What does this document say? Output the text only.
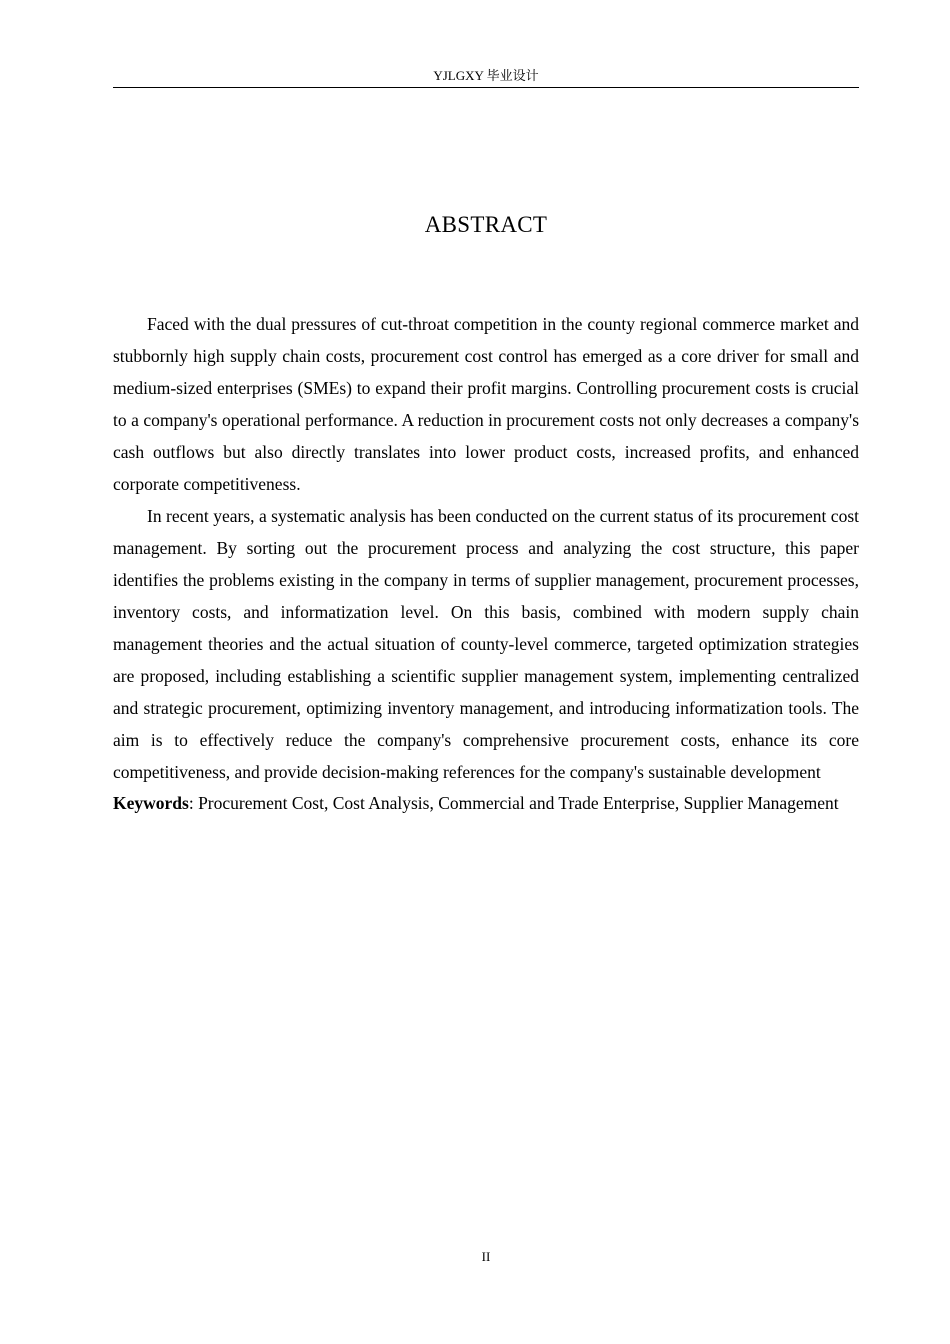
YJLGXY 毕业设计
ABSTRACT

Faced with the dual pressures of cut-throat competition in the county regional commerce market and stubbornly high supply chain costs, procurement cost control has emerged as a core driver for small and medium-sized enterprises (SMEs) to expand their profit margins. Controlling procurement costs is crucial to a company's operational performance. A reduction in procurement costs not only decreases a company's cash outflows but also directly translates into lower product costs, increased profits, and enhanced corporate competitiveness.

In recent years, a systematic analysis has been conducted on the current status of its procurement cost management. By sorting out the procurement process and analyzing the cost structure, this paper identifies the problems existing in the company in terms of supplier management, procurement processes, inventory costs, and informatization level. On this basis, combined with modern supply chain management theories and the actual situation of county-level commerce, targeted optimization strategies are proposed, including establishing a scientific supplier management system, implementing centralized and strategic procurement, optimizing inventory management, and introducing informatization tools. The aim is to effectively reduce the company's comprehensive procurement costs, enhance its core competitiveness, and provide decision-making references for the company's sustainable development

Keywords: Procurement Cost, Cost Analysis, Commercial and Trade Enterprise, Supplier Management

II
